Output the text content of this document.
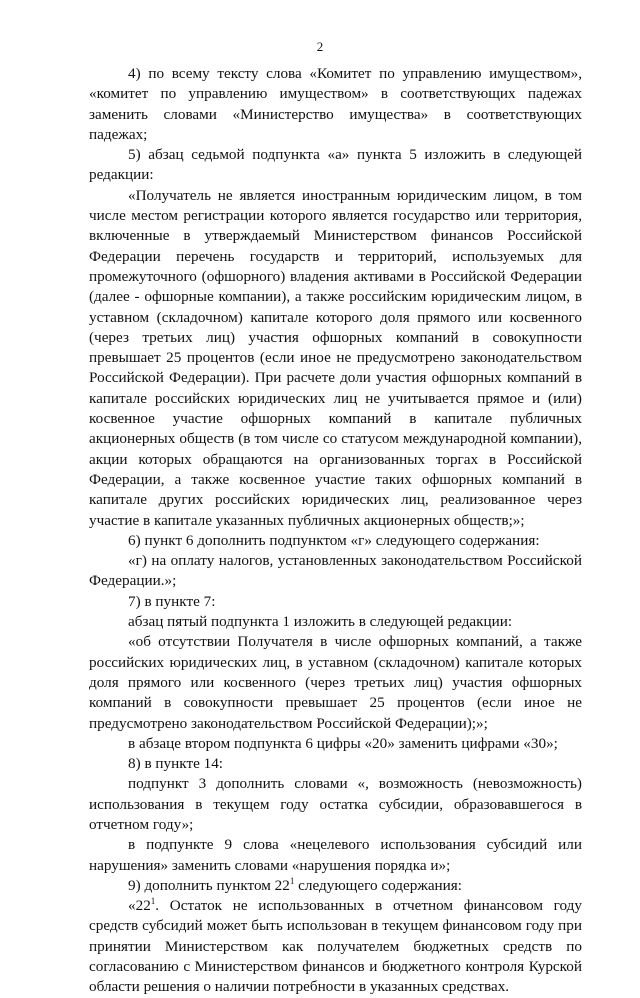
2

4) по всему тексту слова «Комитет по управлению имуществом», «комитет по управлению имуществом» в соответствующих падежах заменить словами «Министерство имущества» в соответствующих падежах;

5) абзац седьмой подпункта «а» пункта 5 изложить в следующей редакции:

«Получатель не является иностранным юридическим лицом, в том числе местом регистрации которого является государство или территория, включенные в утверждаемый Министерством финансов Российской Федерации перечень государств и территорий, используемых для промежуточного (офшорного) владения активами в Российской Федерации (далее - офшорные компании), а также российским юридическим лицом, в уставном (складочном) капитале которого доля прямого или косвенного (через третьих лиц) участия офшорных компаний в совокупности превышает 25 процентов (если иное не предусмотрено законодательством Российской Федерации). При расчете доли участия офшорных компаний в капитале российских юридических лиц не учитывается прямое и (или) косвенное участие офшорных компаний в капитале публичных акционерных обществ (в том числе со статусом международной компании), акции которых обращаются на организованных торгах в Российской Федерации, а также косвенное участие таких офшорных компаний в капитале других российских юридических лиц, реализованное через участие в капитале указанных публичных акционерных обществ;»;

6) пункт 6 дополнить подпунктом «г» следующего содержания:

«г) на оплату налогов, установленных законодательством Российской Федерации.»;

7) в пункте 7:

абзац пятый подпункта 1 изложить в следующей редакции:

«об отсутствии Получателя в числе офшорных компаний, а также российских юридических лиц, в уставном (складочном) капитале которых доля прямого или косвенного (через третьих лиц) участия офшорных компаний в совокупности превышает 25 процентов (если иное не предусмотрено законодательством Российской Федерации);»;

в абзаце втором подпункта 6 цифры «20» заменить цифрами «30»;

8) в пункте 14:

подпункт 3 дополнить словами «, возможность (невозможность) использования в текущем году остатка субсидии, образовавшегося в отчетном году»;

в подпункте 9 слова «нецелевого использования субсидий или нарушения» заменить словами «нарушения порядка и»;

9) дополнить пунктом $22^1$ следующего содержания:

«$22^1$. Остаток не использованных в отчетном финансовом году средств субсидий может быть использован в текущем финансовом году при принятии Министерством как получателем бюджетных средств по согласованию с Министерством финансов и бюджетного контроля Курской области решения о наличии потребности в указанных средствах.
